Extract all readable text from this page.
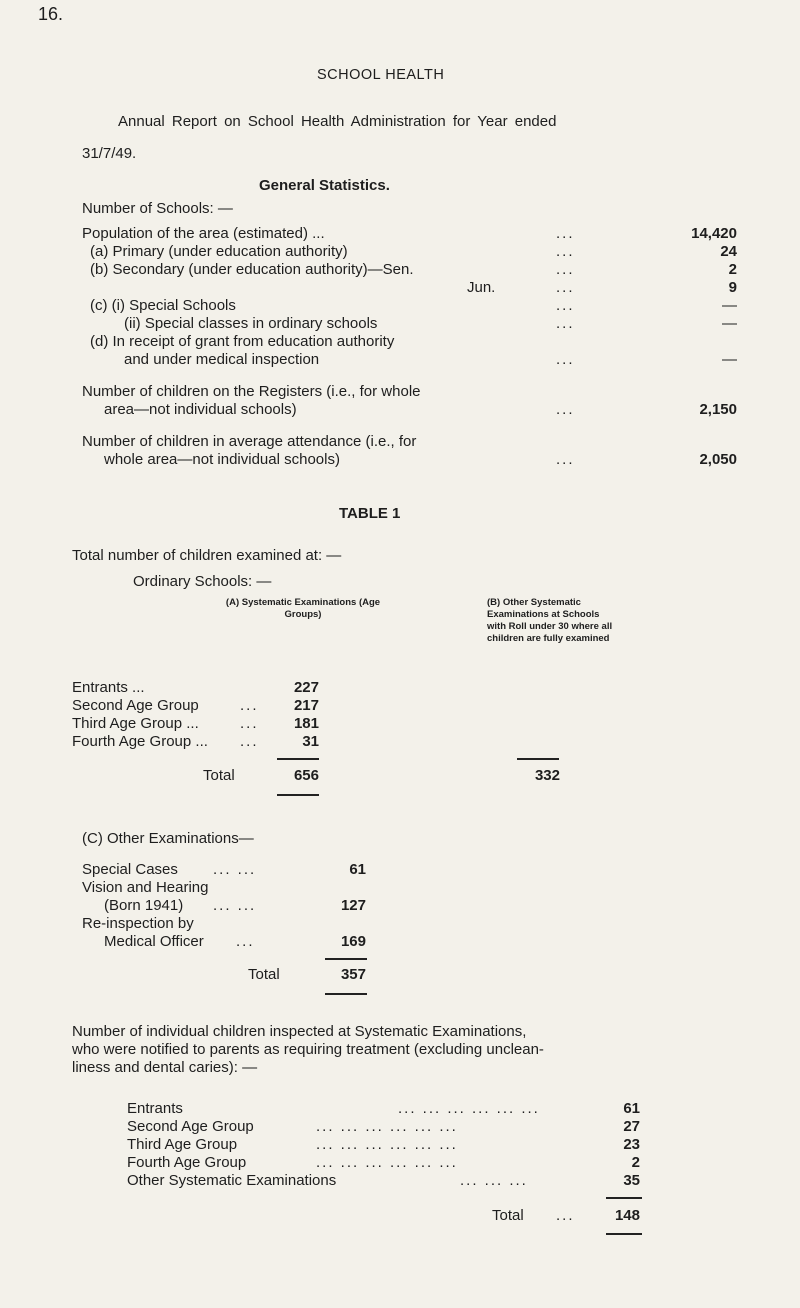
16.
SCHOOL HEALTH
Annual Report on School Health Administration for Year ended
31/7/49.
General Statistics.
Number of Schools: —
Population of the area (estimated) ...	...	14,420
(a) Primary (under education authority)	...	24
(b) Secondary (under education authority)—Sen.	...	2
Jun.	...	9
(c) (i) Special Schools	...	—
(ii) Special classes in ordinary schools	...	—
(d) In receipt of grant from education authority
and under medical inspection	...	—
Number of children on the Registers (i.e., for whole
area—not individual schools)	...	2,150
Number of children in average attendance (i.e., for
whole area—not individual schools)	...	2,050
TABLE 1
Total number of children examined at: —
Ordinary Schools: —
(A) Systematic Examinations (Age Groups)
(B) Other Systematic Examinations at Schools with Roll under 30 where all children are fully examined
Entrants ...	227
Second Age Group	...	217
Third Age Group ...	...	181
Fourth Age Group ... ...	31
Total	656	332
(C) Other Examinations—
Special Cases ... ...	61
Vision and Hearing
(Born 1941) ... ...	127
Re-inspection by
Medical Officer ...	169
Total	357
Number of individual children inspected at Systematic Examinations,
who were notified to parents as requiring treatment (excluding unclean-
liness and dental caries): —
Entrants	... ... ... ... ... ...	61
Second Age Group	... ... ... ... ... ...	27
Third Age Group	... ... ... ... ... ...	23
Fourth Age Group	... ... ... ... ... ...	2
Other Systematic Examinations	... ... ...	35
Total ...	148
